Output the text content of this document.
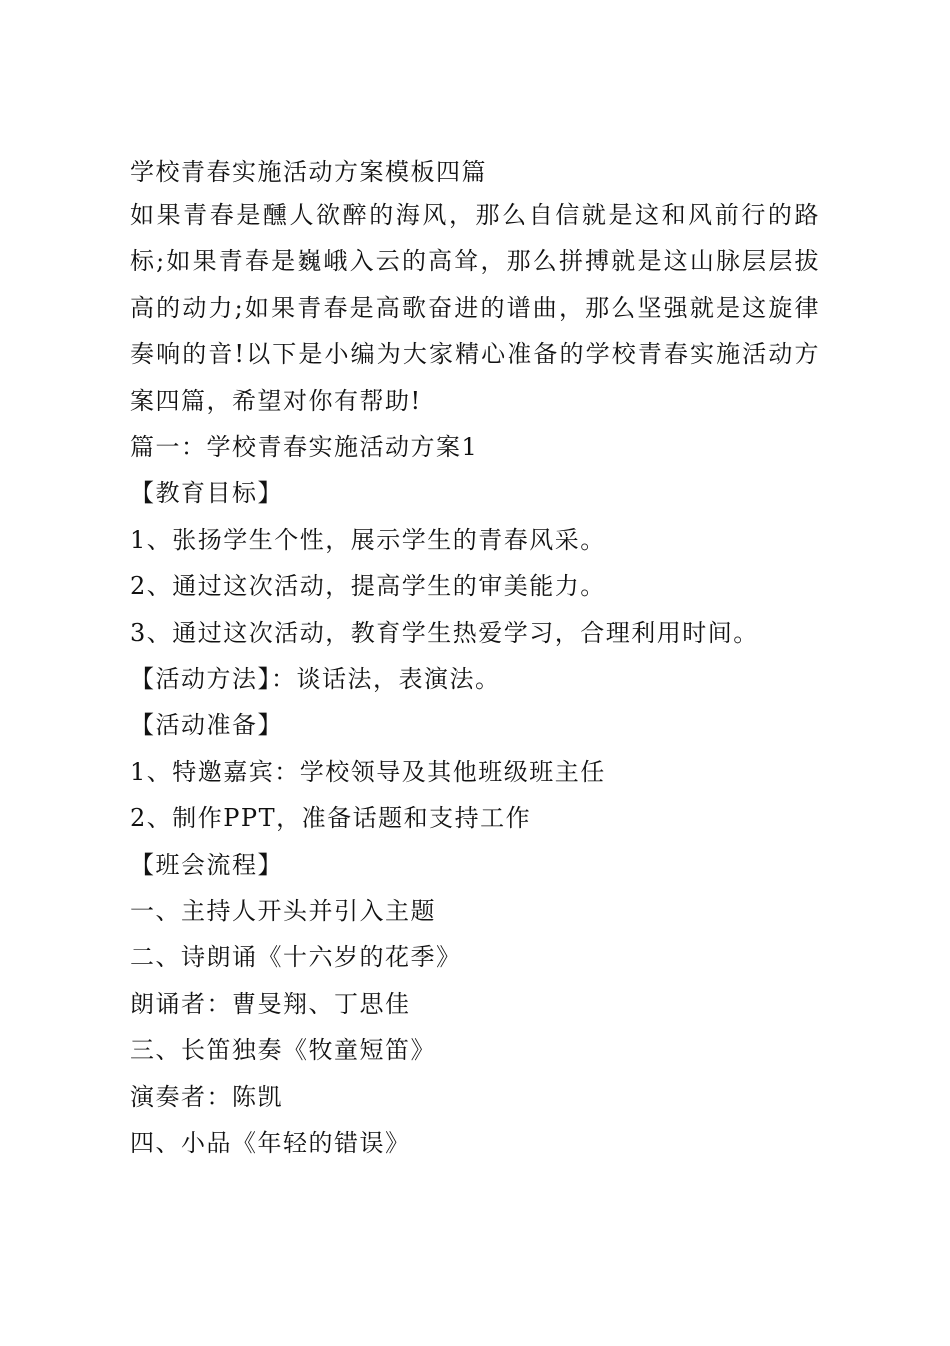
学校青春实施活动方案模板四篇
如果青春是醺人欲醉的海风，那么自信就是这和风前行的路标;如果青春是巍峨入云的高耸，那么拼搏就是这山脉层层拔高的动力;如果青春是高歌奋进的谱曲，那么坚强就是这旋律奏响的音!以下是小编为大家精心准备的学校青春实施活动方案四篇，希望对你有帮助!
篇一：学校青春实施活动方案1
【教育目标】
1、张扬学生个性，展示学生的青春风采。
2、通过这次活动，提高学生的审美能力。
3、通过这次活动，教育学生热爱学习，合理利用时间。
【活动方法】：谈话法，表演法。
【活动准备】
1、特邀嘉宾：学校领导及其他班级班主任
2、制作PPT，准备话题和支持工作
【班会流程】
一、主持人开头并引入主题
二、诗朗诵《十六岁的花季》
朗诵者：曹旻翔、丁思佳
三、长笛独奏《牧童短笛》
演奏者：陈凯
四、小品《年轻的错误》
